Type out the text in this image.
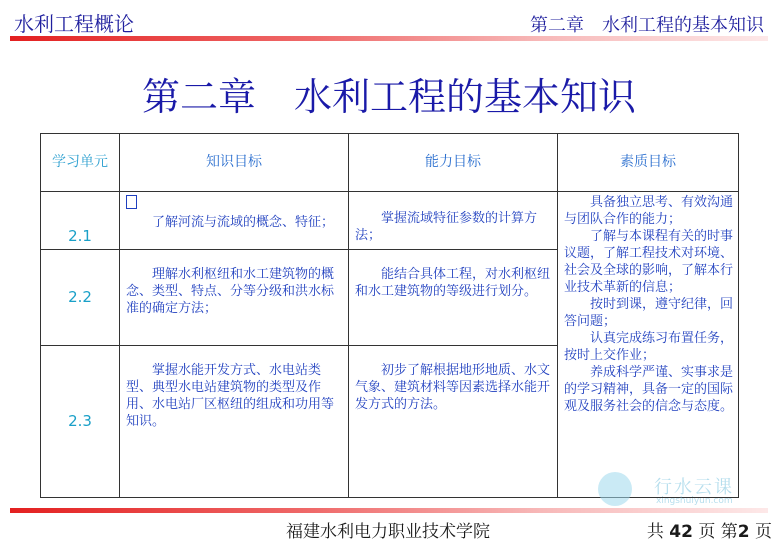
水利工程概论	第二章　水利工程的基本知识
第二章　水利工程的基本知识
学习单元	知识目标	能力目标	素质目标
2.1	了解河流与流域的概念、特征；	掌握流域特征参数的计算方法；	具备独立思考、有效沟通与团队合作的能力；

了解与本课程有关的时事议题，了解工程技术对环境、社会及全球的影响，了解本行业技术革新的信息；

按时到课，遵守纪律，回答问题；

认真完成练习布置任务，按时上交作业；

养成科学严谨、实事求是的学习精神，具备一定的国际观及服务社会的信念与态度。

2.2	理解水利枢纽和水工建筑物的概念、类型、特点、分等分级和洪水标准的确定方法；	能结合具体工程，对水利枢纽和水工建筑物的等级进行划分。	

2.3	掌握水能开发方式、水电站类型、典型水电站建筑物的类型及作用、水电站厂区枢纽的组成和功用等知识。	初步了解根据地形地质、水文气象、建筑材料等因素选择水能开发方式的方法。	
行水云课
xingshuiyun.com
福建水利电力职业技术学院	共 42 页 第2 页
